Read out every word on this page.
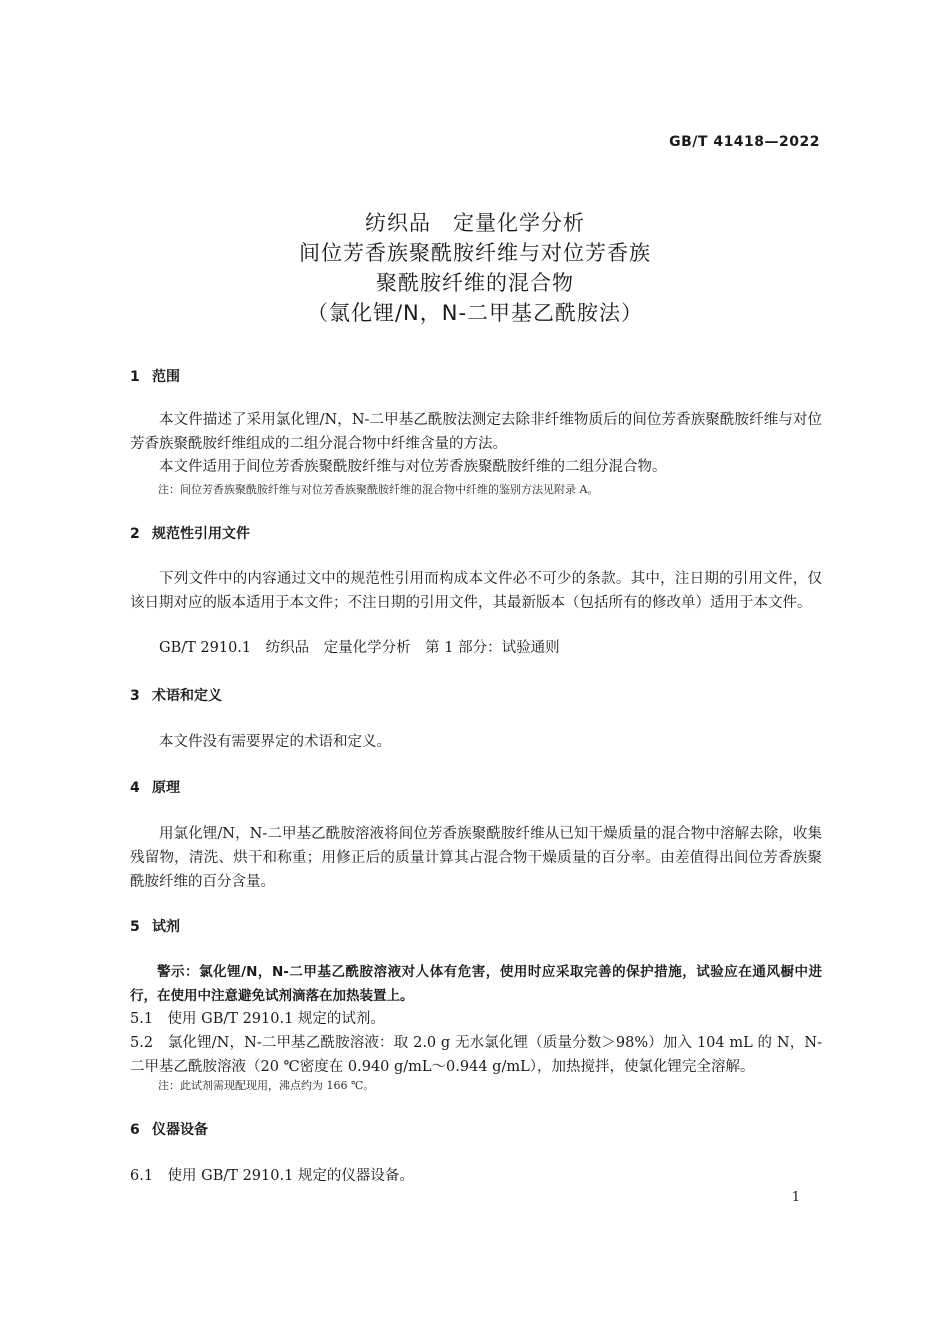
GB/T 41418—2022
纺织品　定量化学分析
间位芳香族聚酰胺纤维与对位芳香族
聚酰胺纤维的混合物
（氯化锂/N，N-二甲基乙酰胺法）
1 范围
本文件描述了采用氯化锂/N，N-二甲基乙酰胺法测定去除非纤维物质后的间位芳香族聚酰胺纤维与对位芳香族聚酰胺纤维组成的二组分混合物中纤维含量的方法。
本文件适用于间位芳香族聚酰胺纤维与对位芳香族聚酰胺纤维的二组分混合物。
注：间位芳香族聚酰胺纤维与对位芳香族聚酰胺纤维的混合物中纤维的鉴别方法见附录 A。
2 规范性引用文件
下列文件中的内容通过文中的规范性引用而构成本文件必不可少的条款。其中，注日期的引用文件，仅该日期对应的版本适用于本文件；不注日期的引用文件，其最新版本（包括所有的修改单）适用于本文件。
GB/T 2910.1　纺织品　定量化学分析　第 1 部分：试验通则
3 术语和定义
本文件没有需要界定的术语和定义。
4 原理
用氯化锂/N，N-二甲基乙酰胺溶液将间位芳香族聚酰胺纤维从已知干燥质量的混合物中溶解去除，收集残留物，清洗、烘干和称重；用修正后的质量计算其占混合物干燥质量的百分率。由差值得出间位芳香族聚酰胺纤维的百分含量。
5 试剂
警示：氯化锂/N，N-二甲基乙酰胺溶液对人体有危害，使用时应采取完善的保护措施，试验应在通风橱中进行，在使用中注意避免试剂滴落在加热装置上。
5.1　使用 GB/T 2910.1 规定的试剂。
5.2　氯化锂/N，N-二甲基乙酰胺溶液：取 2.0 g 无水氯化锂（质量分数＞98%）加入 104 mL 的 N，N-二甲基乙酰胺溶液（20 ℃密度在 0.940 g/mL～0.944 g/mL），加热搅拌，使氯化锂完全溶解。
注：此试剂需现配现用，沸点约为 166 ℃。
6 仪器设备
6.1　使用 GB/T 2910.1 规定的仪器设备。
1
